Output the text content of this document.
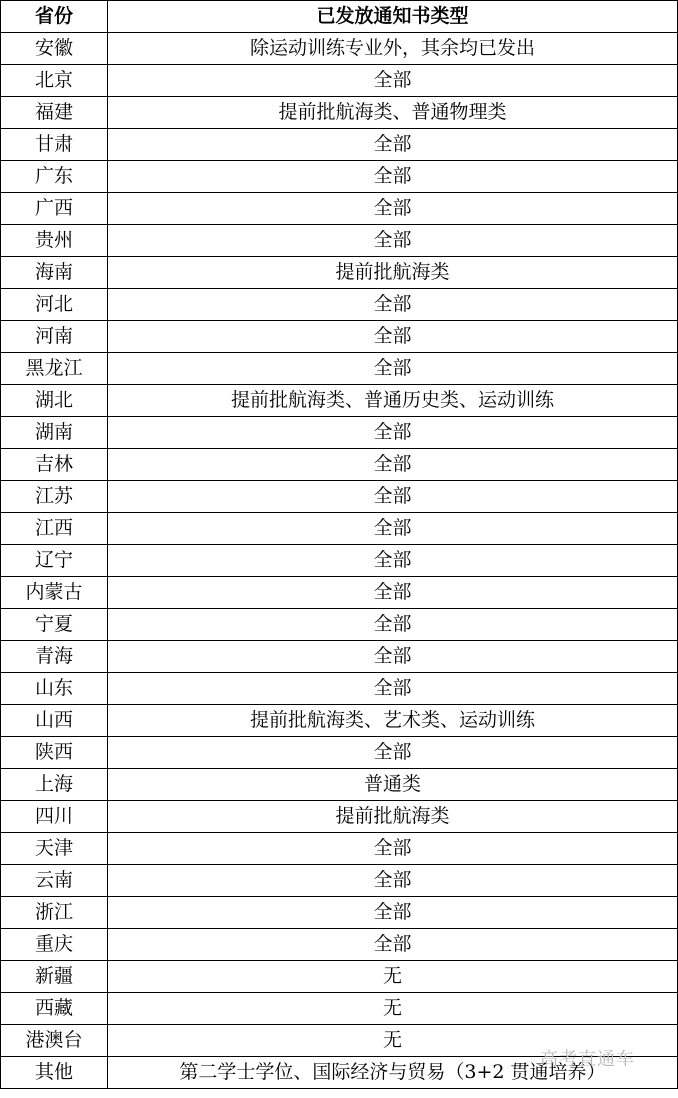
省份	已发放通知书类型
安徽	除运动训练专业外，其余均已发出
北京	全部
福建	提前批航海类、普通物理类
甘肃	全部
广东	全部
广西	全部
贵州	全部
海南	提前批航海类
河北	全部
河南	全部
黑龙江	全部
湖北	提前批航海类、普通历史类、运动训练
湖南	全部
吉林	全部
江苏	全部
江西	全部
辽宁	全部
内蒙古	全部
宁夏	全部
青海	全部
山东	全部
山西	提前批航海类、艺术类、运动训练
陕西	全部
上海	普通类
四川	提前批航海类
天津	全部
云南	全部
浙江	全部
重庆	全部
新疆	无
西藏	无
港澳台	无
其他	第二学士学位、国际经济与贸易（3+2 贯通培养）
高考直通车
